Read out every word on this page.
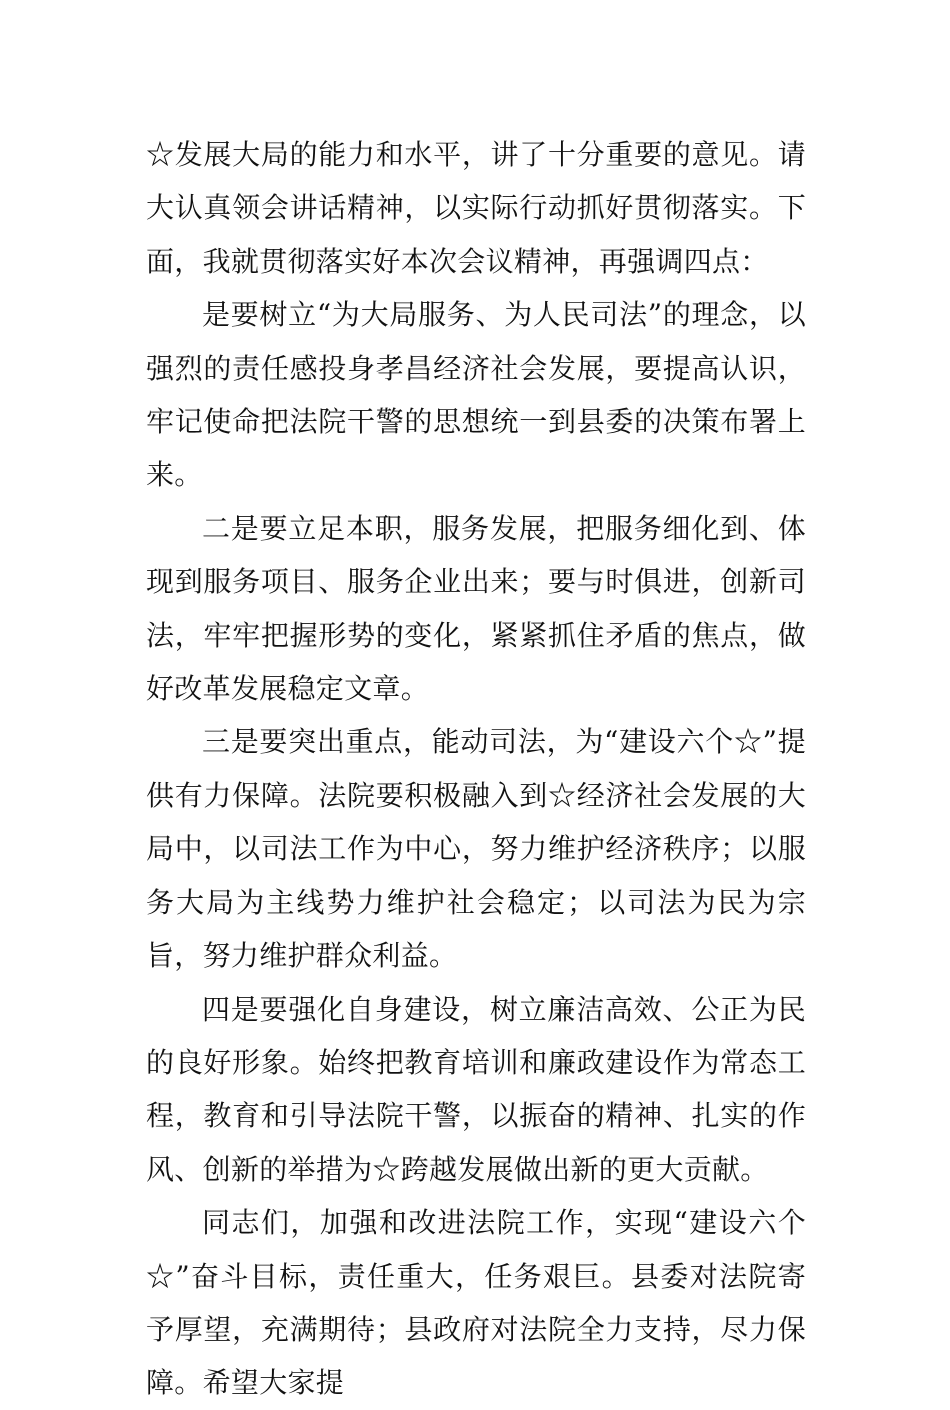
☆发展大局的能力和水平，讲了十分重要的意见。请大认真领会讲话精神，以实际行动抓好贯彻落实。下面，我就贯彻落实好本次会议精神，再强调四点：

是要树立“为大局服务、为人民司法”的理念，以强烈的责任感投身孝昌经济社会发展，要提高认识，牢记使命把法院干警的思想统一到县委的决策布署上来。

二是要立足本职，服务发展，把服务细化到、体现到服务项目、服务企业出来；要与时俱进，创新司法，牢牢把握形势的变化，紧紧抓住矛盾的焦点，做好改革发展稳定文章。

三是要突出重点，能动司法，为“建设六个☆”提供有力保障。法院要积极融入到☆经济社会发展的大局中，以司法工作为中心，努力维护经济秩序；以服务大局为主线势力维护社会稳定；以司法为民为宗旨，努力维护群众利益。

四是要强化自身建设，树立廉洁高效、公正为民的良好形象。始终把教育培训和廉政建设作为常态工程，教育和引导法院干警，以振奋的精神、扎实的作风、创新的举措为☆跨越发展做出新的更大贡献。

同志们，加强和改进法院工作，实现“建设六个☆”奋斗目标，责任重大，任务艰巨。县委对法院寄予厚望，充满期待；县政府对法院全力支持，尽力保障。希望大家提
